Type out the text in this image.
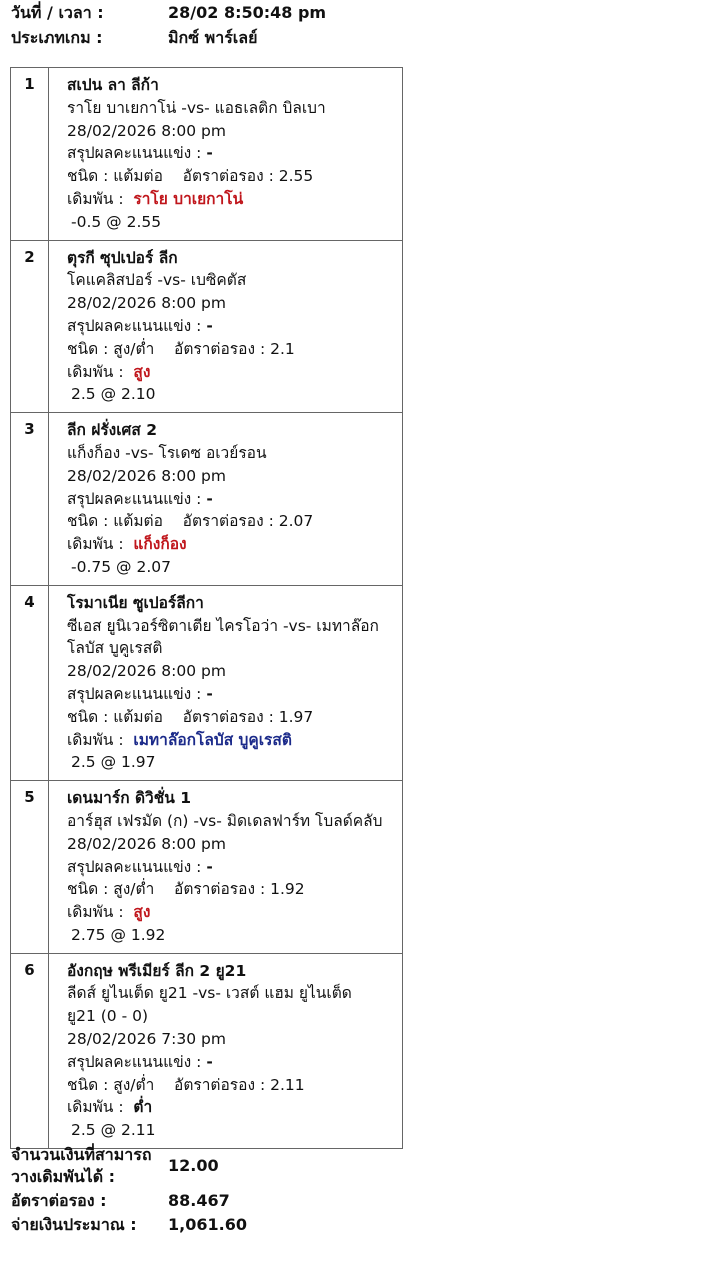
วันที่ / เวลา :	28/02 8:50:48 pm
ประเภทเกม :	มิกซ์ พาร์เลย์
1	สเปน ลา ลีก้า
ราโย บาเยกาโน่ -vs- แอธเลติก บิลเบา
28/02/2026 8:00 pm
สรุปผลคะแนนแข่ง : -
ชนิด : แต้มต่อ อัตราต่อรอง : 2.55
เดิมพัน : ราโย บาเยกาโน่
-0.5 @ 2.55
2	ตุรกี ซุปเปอร์ ลีก
โคแคลิสปอร์ -vs- เบซิคตัส
28/02/2026 8:00 pm
สรุปผลคะแนนแข่ง : -
ชนิด : สูง/ต่ำ อัตราต่อรอง : 2.1
เดิมพัน : สูง
2.5 @ 2.10
3	ลีก ฝรั่งเศส 2
แก็งก็อง -vs- โรเดซ อเวย์รอน
28/02/2026 8:00 pm
สรุปผลคะแนนแข่ง : -
ชนิด : แต้มต่อ อัตราต่อรอง : 2.07
เดิมพัน : แก็งก็อง
-0.75 @ 2.07
4	โรมาเนีย ซูเปอร์ลีกา
ซีเอส ยูนิเวอร์ซิตาเตีย ไครโอว่า -vs- เมทาล๊อก
โลบัส บูคูเรสติ
28/02/2026 8:00 pm
สรุปผลคะแนนแข่ง : -
ชนิด : แต้มต่อ อัตราต่อรอง : 1.97
เดิมพัน : เมทาล๊อกโลบัส บูคูเรสติ
2.5 @ 1.97
5	เดนมาร์ก ดิวิชั่น 1
อาร์ฮุส เฟรมัด (ก) -vs- มิดเดลฟาร์ท โบลด์คลับ
28/02/2026 8:00 pm
สรุปผลคะแนนแข่ง : -
ชนิด : สูง/ต่ำ อัตราต่อรอง : 1.92
เดิมพัน : สูง
2.75 @ 1.92
6	อังกฤษ พรีเมียร์ ลีก 2 ยู21
ลีดส์ ยูไนเต็ด ยู21 -vs- เวสต์ แฮม ยูไนเต็ด
ยู21 (0 - 0)
28/02/2026 7:30 pm
สรุปผลคะแนนแข่ง : -
ชนิด : สูง/ต่ำ อัตราต่อรอง : 2.11
เดิมพัน : ต่ำ
2.5 @ 2.11
จำนวนเงินที่สามารถ
วางเดิมพันได้ :12.00
อัตราต่อรอง :	88.467
จ่ายเงินประมาณ : 1,061.60
